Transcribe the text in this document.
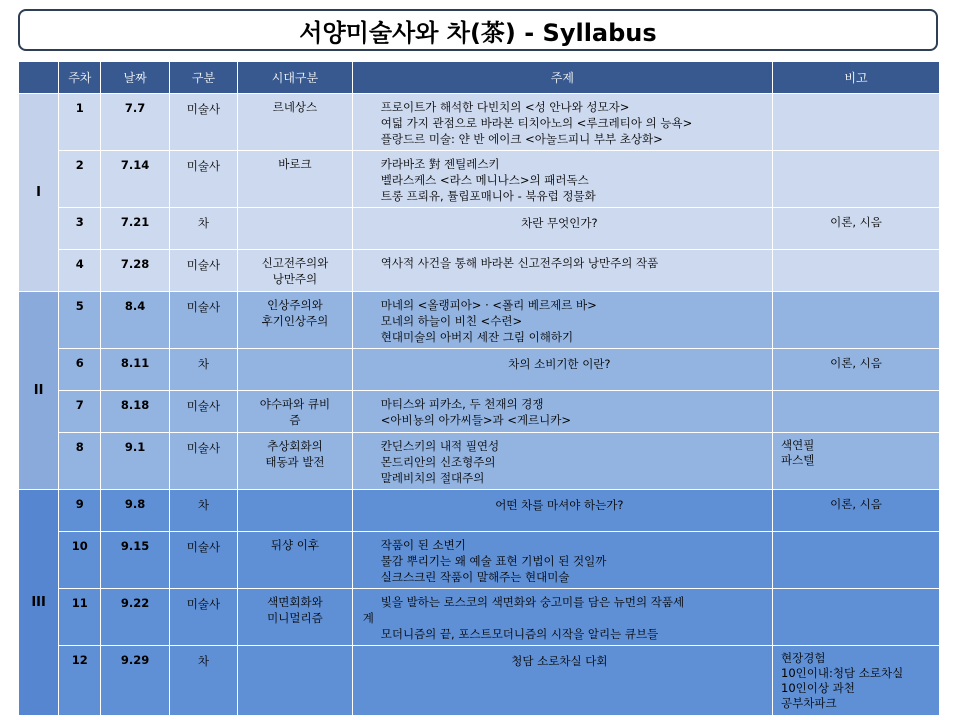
서양미술사와 차(茶) - Syllabus
	주차	날짜	구분	시대구분	주제	비고
I	1	7.7	미술사	르네상스	프로이트가 해석한 다빈치의 <성 안나와 성모자>
여덟 가지 관점으로 바라본 티치아노의 <루크레티아 의 능욕>
플랑드르 미술: 얀 반 에이크 <아놀드피니 부부 초상화>	

	2	7.14	미술사	바로크	카라바조 對 젠틸레스키
벨라스케스 <라스 메니나스>의 패러독스
트롱 프뢰유, 튤립포매니아 - 북유럽 정물화	

	3	7.21	차		차란 무엇인가?	이론, 시음

	4	7.28	미술사	신고전주의와
낭만주의	역사적 사건을 통해 바라본 신고전주의와 낭만주의 작품	

II	5	8.4	미술사	인상주의와
후기인상주의	마네의 <올랭피아> · <폴리 베르제르 바>
모네의 하늘이 비친 <수련>
현대미술의 아버지 세잔 그림 이해하기	

	6	8.11	차		차의 소비기한 이란?	이론, 시음

	7	8.18	미술사	야수파와 큐비
즘	마티스와 피카소, 두 천재의 경쟁
<아비뇽의 아가씨들>과 <게르니카>	

	8	9.1	미술사	추상회화의
태동과 발전	칸딘스키의 내적 필연성
몬드리안의 신조형주의
말레비치의 절대주의	색연필
파스텔

III	9	9.8	차		어떤 차를 마셔야 하는가?	이론, 시음

	10	9.15	미술사	뒤샹 이후	작품이 된 소변기
물감 뿌리기는 왜 예술 표현 기법이 된 것일까
실크스크린 작품이 말해주는 현대미술	

	11	9.22	미술사	색면회화와
미니멀리즘	빛을 발하는 로스코의 색면화와 숭고미를 담은 뉴먼의 작품세
계
모더니즘의 끝, 포스트모더니즘의 시작을 알리는 큐브들	

	12	9.29	차		청담 소로차실 다회	현장경험
10인이내:청담 소로차실
10인이상 과천
공부차파크
